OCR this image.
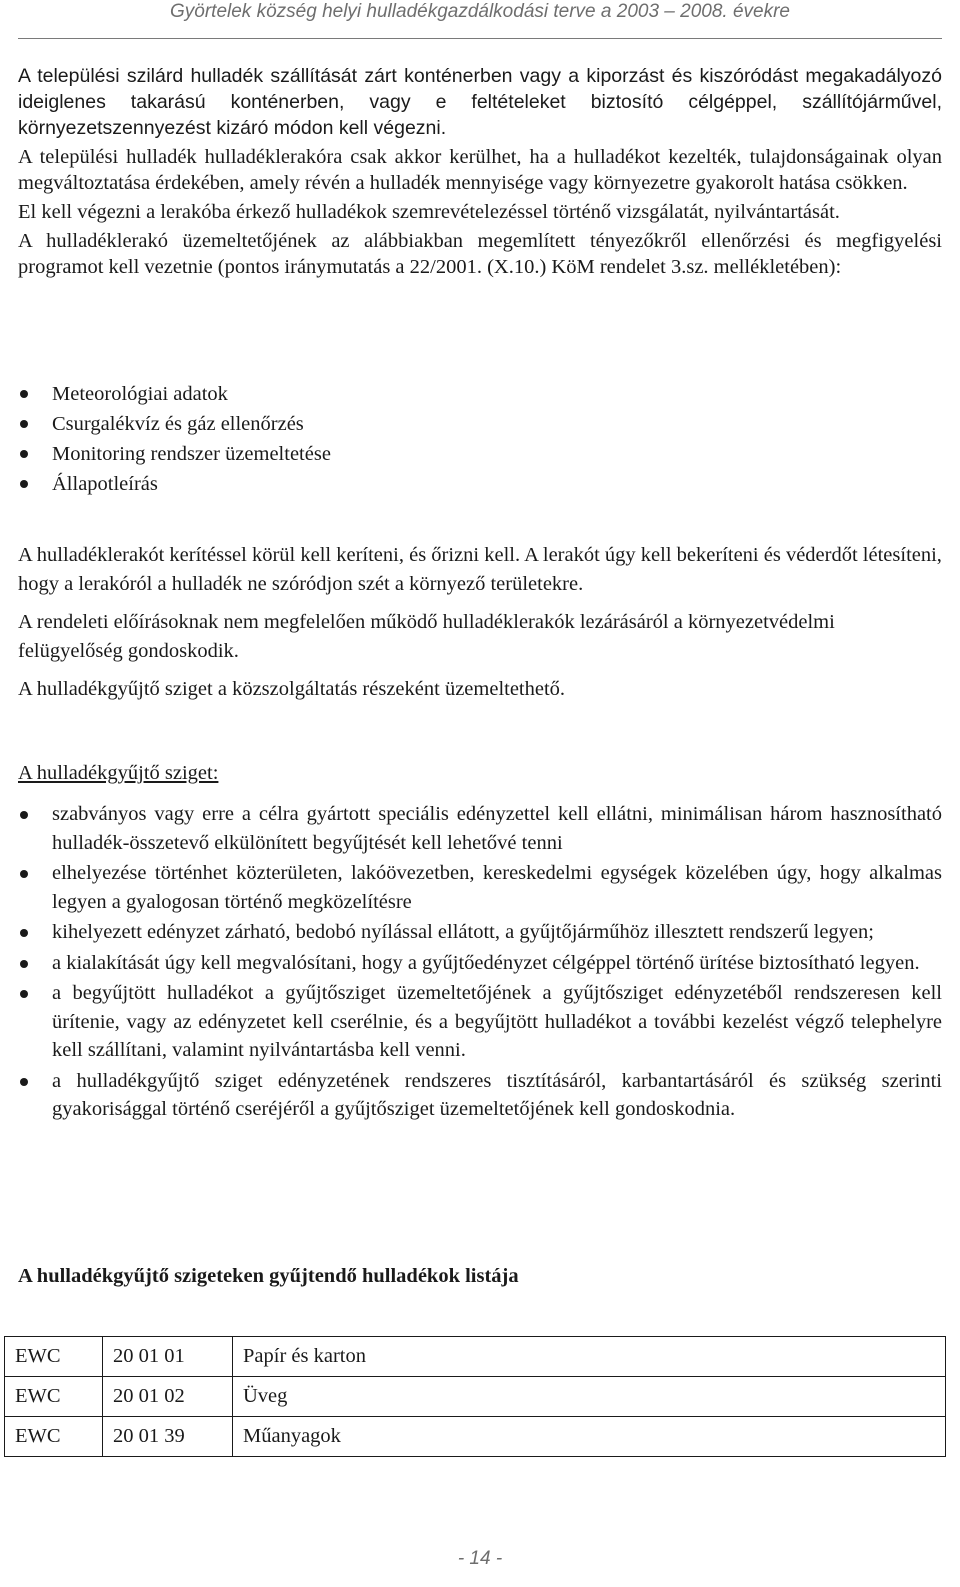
Györtelek község helyi hulladékgazdálkodási terve a 2003 – 2008. évekre

A települési szilárd hulladék szállítását zárt konténerben vagy a kiporzást és kiszóródást megakadályozó ideiglenes takarású konténerben, vagy e feltételeket biztosító célgéppel, szállítójárművel, környezetszennyezést kizáró módon kell végezni.

A települési hulladék hulladéklerakóra csak akkor kerülhet, ha a hulladékot kezelték, tulajdonságainak olyan megváltoztatása érdekében, amely révén a hulladék mennyisége vagy környezetre gyakorolt hatása csökken.

El kell végezni a lerakóba érkező hulladékok szemrevételezéssel történő vizsgálatát, nyilvántartását.

A hulladéklerakó üzemeltetőjének az alábbiakban megemlített tényezőkről ellenőrzési és megfigyelési programot kell vezetnie (pontos iránymutatás a 22/2001. (X.10.) KöM rendelet 3.sz. mellékletében):

Meteorológiai adatok
Csurgalékvíz és gáz ellenőrzés
Monitoring rendszer üzemeltetése
Állapotleírás

A hulladéklerakót kerítéssel körül kell keríteni, és őrizni kell. A lerakót úgy kell bekeríteni és véderdőt létesíteni, hogy a lerakóról a hulladék ne szóródjon szét a környező területekre.

A rendeleti előírásoknak nem megfelelően működő hulladéklerakók lezárásáról a környezetvédelmi felügyelőség gondoskodik.

A hulladékgyűjtő sziget a közszolgáltatás részeként üzemeltethető.

A hulladékgyűjtő sziget:
szabványos vagy erre a célra gyártott speciális edényzettel kell ellátni, minimálisan három hasznosítható hulladék-összetevő elkülönített begyűjtését kell lehetővé tenni
elhelyezése történhet közterületen, lakóövezetben, kereskedelmi egységek közelében úgy, hogy alkalmas legyen a gyalogosan történő megközelítésre
kihelyezett edényzet zárható, bedobó nyílással ellátott, a gyűjtőjárműhöz illesztett rendszerű legyen;
a kialakítását úgy kell megvalósítani, hogy a gyűjtőedényzet célgéppel történő ürítése biztosítható legyen.
a begyűjtött hulladékot a gyűjtősziget üzemeltetőjének a gyűjtősziget edényzetéből rendszeresen kell ürítenie, vagy az edényzetet kell cserélnie, és a begyűjtött hulladékot a további kezelést végző telephelyre kell szállítani, valamint nyilvántartásba kell venni.
a hulladékgyűjtő sziget edényzetének rendszeres tisztításáról, karbantartásáról és szükség szerinti gyakorisággal történő cseréjéről a gyűjtősziget üzemeltetőjének kell gondoskodnia.
A hulladékgyűjtő szigeteken gyűjtendő hulladékok listája
EWC	20 01 01	Papír és karton
EWC	20 01 02	Üveg
EWC	20 01 39	Műanyagok
- 14 -
